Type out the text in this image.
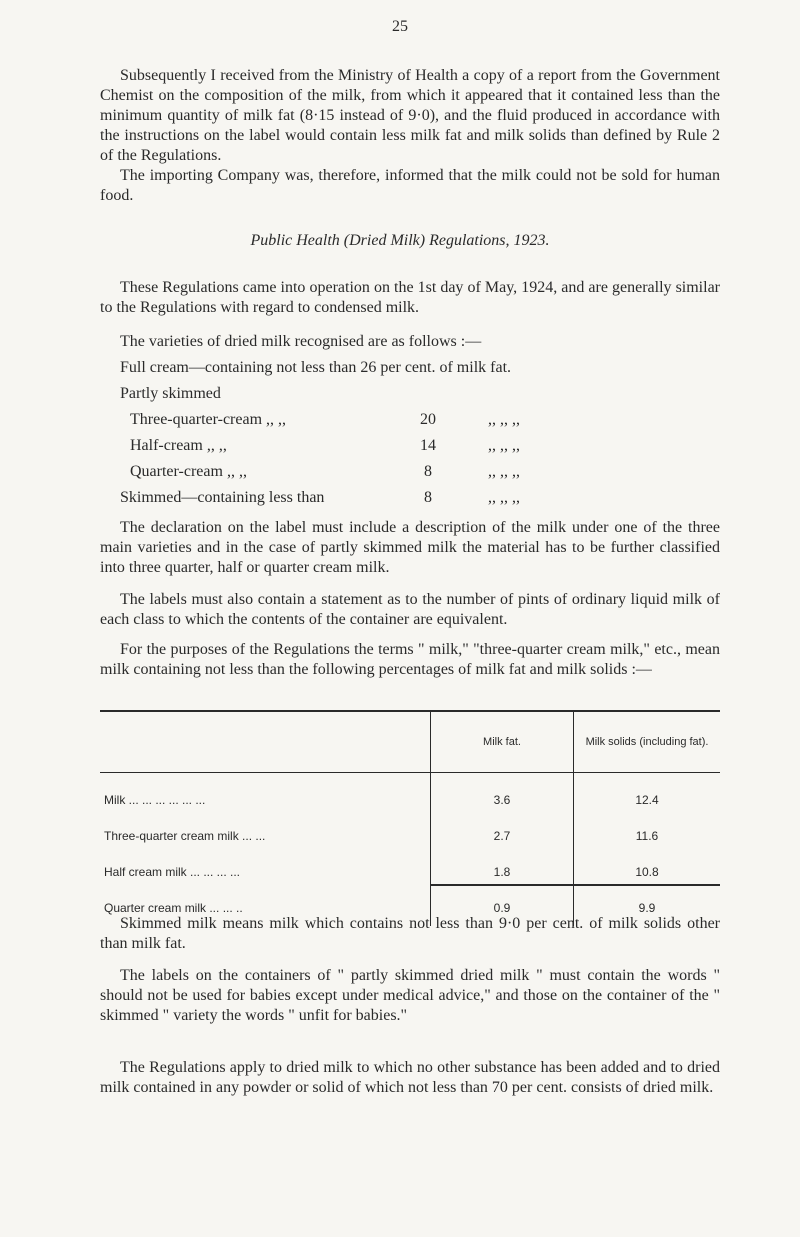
25
Subsequently I received from the Ministry of Health a copy of a report from the Government Chemist on the composition of the milk, from which it appeared that it contained less than the minimum quantity of milk fat (8·15 instead of 9·0), and the fluid produced in accordance with the instructions on the label would contain less milk fat and milk solids than defined by Rule 2 of the Regulations.
The importing Company was, therefore, informed that the milk could not be sold for human food.
Public Health (Dried Milk) Regulations, 1923.
These Regulations came into operation on the 1st day of May, 1924, and are generally similar to the Regulations with regard to condensed milk.
The varieties of dried milk recognised are as follows :—
Full cream—containing not less than 26 per cent. of milk fat.
Partly skimmed
Three-quarter-cream ,, ,,	20	,, ,, ,,
Half-cream ,, ,,	14	,, ,, ,,
Quarter-cream ,, ,,	8	,, ,, ,,
Skimmed—containing less than	8	,, ,, ,,
The declaration on the label must include a description of the milk under one of the three main varieties and in the case of partly skimmed milk the material has to be further classified into three quarter, half or quarter cream milk.
The labels must also contain a statement as to the number of pints of ordinary liquid milk of each class to which the contents of the container are equivalent.
For the purposes of the Regulations the terms " milk," "three-quarter cream milk," etc., mean milk containing not less than the following percentages of milk fat and milk solids :—
	Milk fat.	Milk solids (including fat).
Milk ... ... ... ... ... ...	3.6	12.4
Three-quarter cream milk ... ...	2.7	11.6
Half cream milk ... ... ... ...	1.8	10.8
Quarter cream milk ... ... ..	0.9	9.9
Skimmed milk means milk which contains not less than 9·0 per cent. of milk solids other than milk fat.
The labels on the containers of " partly skimmed dried milk " must contain the words " should not be used for babies except under medical advice," and those on the container of the " skimmed " variety the words " unfit for babies."
The Regulations apply to dried milk to which no other substance has been added and to dried milk contained in any powder or solid of which not less than 70 per cent. consists of dried milk.
